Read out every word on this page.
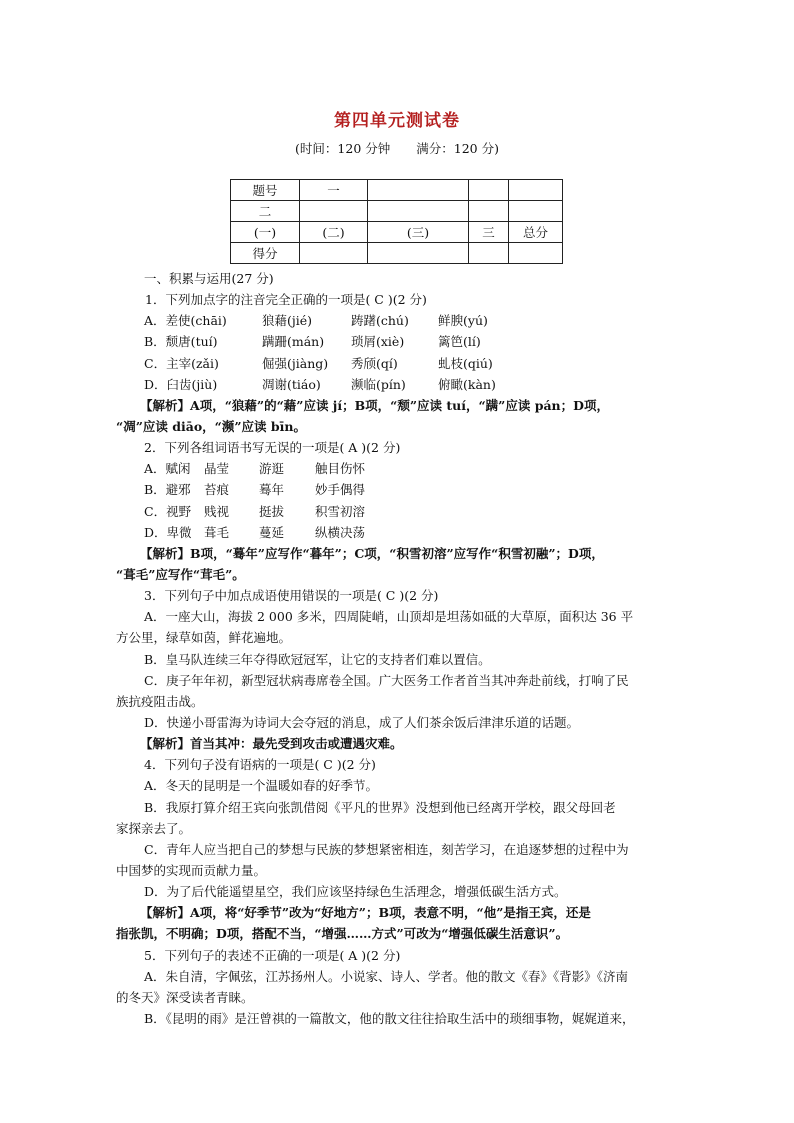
第四单元测试卷
(时间：120 分钟 满分：120 分)
题号	一			
二				
(一)	(二)	(三)	三	总分
得分				
一、积累与运用(27 分)
1．下列加点字的注音完全正确的一项是( C )(2 分)
A．差使(chāi)	狼藉(jié)	踌躇(chú) 鲜腴(yú)
B．颓唐(tuí)	蹒跚(mán) 琐屑(xiè)	篱笆(lí)
C．主宰(zǎi)	倔强(jiàng) 秀颀(qí)	虬枝(qiú)
D．臼齿(jiù)	凋谢(tiáo) 濒临(pín)	俯瞰(kàn)
【解析】A项，“狼藉”的“藉”应读 jí；B项，“颓”应读 tuí，“蹒”应读 pán；D项，
“凋”应读 diāo，“濒”应读 bīn。
2．下列各组词语书写无误的一项是( A )(2 分)
A．赋闲 晶莹 游逛 触目伤怀
B．避邪 苔痕 蓦年 妙手偶得
C．视野 贱视 挺拔 积雪初溶
D．卑微 葺毛 蔓延 纵横决荡
【解析】B项，“蓦年”应写作“暮年”；C项，“积雪初溶”应写作“积雪初融”；D项，
“葺毛”应写作“茸毛”。
3．下列句子中加点成语使用错误的一项是( C )(2 分)
A．一座大山，海拔 2 000 多米，四周陡峭，山顶却是坦荡如砥的大草原，面积达 36 平
方公里，绿草如茵，鲜花遍地。
B．皇马队连续三年夺得欧冠冠军，让它的支持者们难以置信。
C．庚子年年初，新型冠状病毒席卷全国。广大医务工作者首当其冲奔赴前线，打响了民
族抗疫阻击战。
D．快递小哥雷海为诗词大会夺冠的消息，成了人们茶余饭后津津乐道的话题。
【解析】首当其冲：最先受到攻击或遭遇灾难。
4．下列句子没有语病的一项是( C )(2 分)
A．冬天的昆明是一个温暖如春的好季节。
B．我原打算介绍王宾向张凯借阅《平凡的世界》没想到他已经离开学校，跟父母回老
家探亲去了。
C．青年人应当把自己的梦想与民族的梦想紧密相连，刻苦学习，在追逐梦想的过程中为
中国梦的实现而贡献力量。
D．为了后代能遥望星空，我们应该坚持绿色生活理念，增强低碳生活方式。
【解析】A项，将“好季节”改为“好地方”；B项，表意不明，“他”是指王宾，还是
指张凯，不明确；D项，搭配不当，“增强……方式”可改为“增强低碳生活意识”。
5．下列句子的表述不正确的一项是( A )(2 分)
A．朱自清，字佩弦，江苏扬州人。小说家、诗人、学者。他的散文《春》《背影》《济南
的冬天》深受读者青睐。
B．《昆明的雨》是汪曾祺的一篇散文，他的散文往往拾取生活中的琐细事物，娓娓道来，
